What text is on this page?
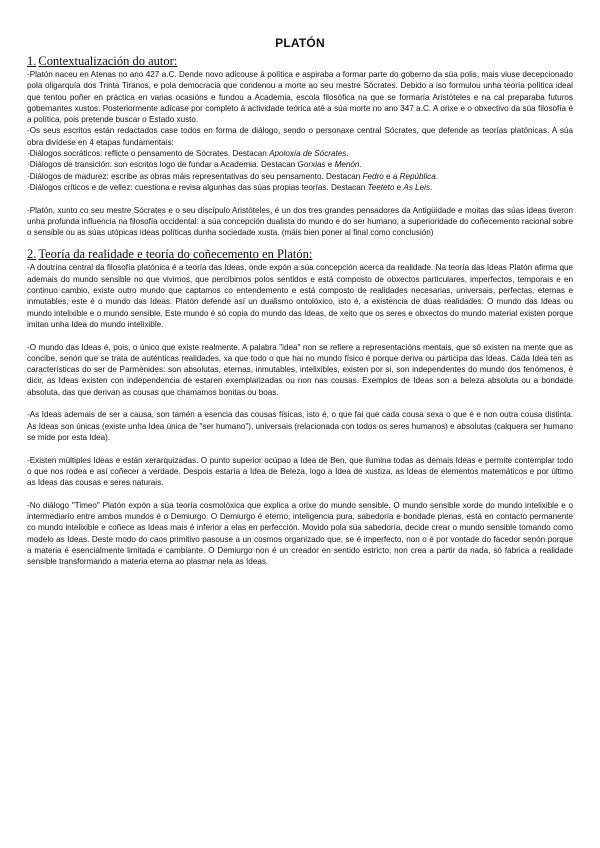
PLATÓN
1. Contextualización do autor:

-Platón naceu en Atenas no ano 427 a.C. Dende novo adicouse á política e aspiraba a formar parte do goberno da súa polis, mais viuse decepcionado pola oligarquía dos Trinta Tiranos, e pola democracia que condenou a morte ao seu mestre Sócrates. Debido a iso formulou unha teoría política ideal que tentou poñer en práctica en varias ocasións e fundou a Academia, escola filosófica na que se formaría Aristóteles e na cal preparaba futuros gobernantes xustos. Posteriormente adícase por completo á actividade teórica até a súa morte no ano 347 a.C. A orixe e o obxectivo da súa filosofía é a política, pois pretende buscar o Estado xusto.

-Os seus escritos están redactados case todos en forma de diálogo, sendo o personaxe central Sócrates, que defende as teorías platónicas. A súa obra divídese en 4 etapas fundamentais:

·Diálogos socráticos: reflicte o pensamento de Sócrates. Destacan Apoloxía de Sócrates.
·Diálogos de transición: son escritos logo de fundar a Academia. Destacan Gorxias e Menón.
·Diálogos de madurez: escribe as obras máis representativas do seu pensamento. Destacan Fedro e a República.
·Diálogos críticos e de vellez: cuestiona e revisa algunhas das súas propias teorías. Destacan Teeteto e As Leis.

-Platón, xunto co seu mestre Sócrates e o seu discípulo Aristóteles, é un dos tres grandes pensadores da Antigüidade e moitas das súas ideas tiveron unha profunda influencia na filosofía occidental: a súa concepción dualista do mundo e do ser humano, a superioridade do coñecemento racional sobre o sensible ou as súas utópicas ideas políticas dunha sociedade xusta. (máis bien poner al final como conclusión)

2. Teoría da realidade e teoría do coñecemento en Platón:

-A doutrina central da filosofía platónica é a teoría das Ideas, onde expón a súa concepción acerca da realidade. Na teoría das Ideas Platón afirma que ademais do mundo sensible no que vivimos, que percibimos polos sentidos e está composto de obxectos particulares, imperfectos, temporais e en continuo cambio, existe outro mundo que captamos co entendemento e está composto de realidades necesarias, universais, perfectas, eternas e inmutables, este é o mundo das Ideas. Platón defende así un dualismo ontolóxico, isto é, a existencia de dúas realidades: O mundo das Ideas ou mundo intelixible e o mundo sensible. Este mundo é só copia do mundo das Ideas, de xeito que os seres e obxectos do mundo material existen porque imitan unha Idea do mundo intelixible.

-O mundo das Ideas é, pois, o único que existe realmente. A palabra "idea" non se refiere a representacións mentais, que só existen na mente que as concibe, senón que se trata de auténticas realidades, xa que todo o que hai no mundo físico é porque deriva ou participa das Ideas. Cada Idea ten as características do ser de Parménides: son absolutas, eternas, inmutables, intelixibles, existen por si, son independentes do mundo dos fenómenos, é dicir, as Ideas existen con independencia de estaren exemplarizadas ou non nas cousas. Exemplos de Ideas son a beleza absoluta ou a bondade absoluta, das que derivan as cousas que chamamos bonitas ou boas.

-As Ideas ademais de ser a causa, son tamén a esencia das cousas físicas, isto é, o que fai que cada cousa sexa o que é e non outra cousa distinta. As Ideas son únicas (existe unha Idea única de "ser humano"), universais (relacionada con todos os seres humanos) e absolutas (calquera ser humano se mide por esta Idea).

-Existen múltiples Ideas e están xerarquizadas. O punto superior ocúpao a Idea de Ben, que ilumina todas as demais Ideas e permite contemplar todo o que nos rodea e así coñecer a verdade. Despois estaría a Idea de Beleza, logo a Idea de xustiza, as Ideas de elementos matemáticos e por último as Ideas das cousas e seres naturais.

-No diálogo "Timeo" Platón expón a súa teoría cosmolóxica que explica a orixe do mundo sensible. O mundo sensible xorde do mundo intelixible e o intermediario entre ambos mundos é o Demiurgo. O Demiurgo é eterno, inteligencia pura, sabedoría e bondade plenas, está en contacto permanente co mundo intelixible e coñece as Ideas mais é inferior a elas en perfección. Movido pola súa sabedoría, decide crear o mundo sensible tomando como modelo as Ideas. Deste modo do caos primitivo pasouse a un cosmos organizado que, se é imperfecto, non o é por vontade do facedor senón porque a materia é esencialmente limitada e cambiante. O Demiurgo non é un creador en sentido estricto, non crea a partir da nada, só fabrica a realidade sensible transformando a materia eterna ao plasmar nela as Ideas.
